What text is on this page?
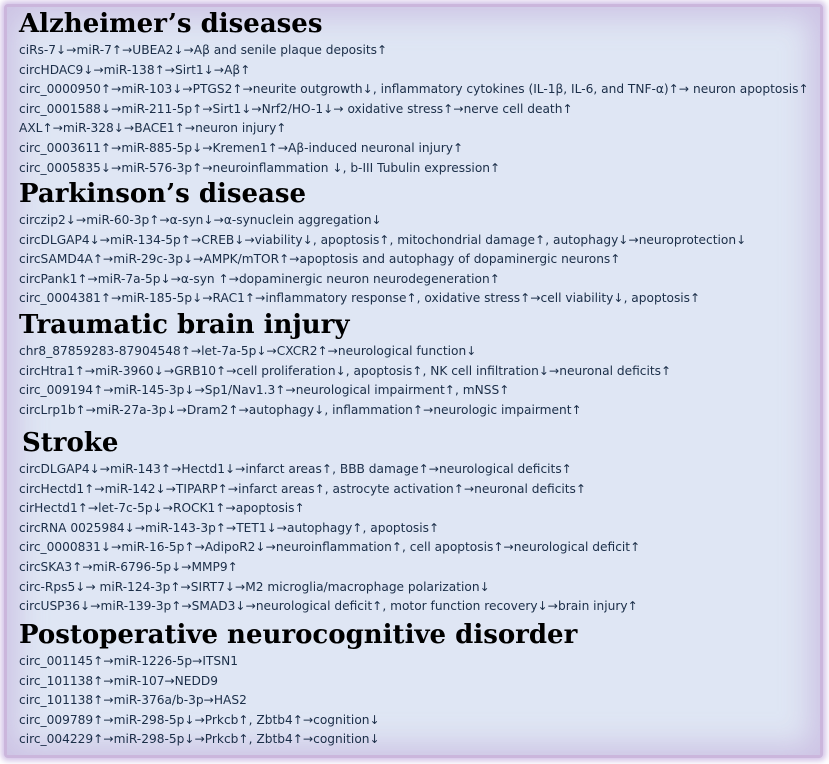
Alzheimer’s diseases
ciRs-7↓→miR-7↑→UBEA2↓→Aβ and senile plaque deposits↑
circHDAC9↓→miR-138↑→Sirt1↓→Aβ↑
circ_0000950↑→miR-103↓→PTGS2↑→neurite outgrowth↓, inflammatory cytokines (IL-1β, IL-6, and TNF-α)↑→ neuron apoptosis↑
circ_0001588↓→miR-211-5p↑→Sirt1↓→Nrf2/HO-1↓→ oxidative stress↑→nerve cell death↑
AXL↑→miR-328↓→BACE1↑→neuron injury↑
circ_0003611↑→miR-885-5p↓→Kremen1↑→Aβ-induced neuronal injury↑
circ_0005835↓→miR-576-3p↑→neuroinflammation ↓, b-III Tubulin expression↑
Parkinson’s disease
circzip2↓→miR-60-3p↑→α-syn↓→α-synuclein aggregation↓
circDLGAP4↓→miR-134-5p↑→CREB↓→viability↓, apoptosis↑, mitochondrial damage↑, autophagy↓→neuroprotection↓
circSAMD4A↑→miR-29c-3p↓→AMPK/mTOR↑→apoptosis and autophagy of dopaminergic neurons↑
circPank1↑→miR-7a-5p↓→α-syn ↑→dopaminergic neuron neurodegeneration↑
circ_0004381↑→miR-185-5p↓→RAC1↑→inflammatory response↑, oxidative stress↑→cell viability↓, apoptosis↑
Traumatic brain injury
chr8_87859283-87904548↑→let-7a-5p↓→CXCR2↑→neurological function↓
circHtra1↑→miR-3960↓→GRB10↑→cell proliferation↓, apoptosis↑, NK cell infiltration↓→neuronal deficits↑
circ_009194↑→miR-145-3p↓→Sp1/Nav1.3↑→neurological impairment↑, mNSS↑
circLrp1b↑→miR-27a-3p↓→Dram2↑→autophagy↓, inflammation↑→neurologic impairment↑
Stroke
circDLGAP4↓→miR-143↑→Hectd1↓→infarct areas↑, BBB damage↑→neurological deficits↑
circHectd1↑→miR-142↓→TIPARP↑→infarct areas↑, astrocyte activation↑→neuronal deficits↑
cirHectd1↑→let-7c-5p↓→ROCK1↑→apoptosis↑
circRNA 0025984↓→miR-143-3p↑→TET1↓→autophagy↑, apoptosis↑
circ_0000831↓→miR-16-5p↑→AdipoR2↓→neuroinflammation↑, cell apoptosis↑→neurological deficit↑
circSKA3↑→miR-6796-5p↓→MMP9↑
circ-Rps5↓→ miR-124-3p↑→SIRT7↓→M2 microglia/macrophage polarization↓
circUSP36↓→miR-139-3p↑→SMAD3↓→neurological deficit↑, motor function recovery↓→brain injury↑
Postoperative neurocognitive disorder
circ_001145↑→miR-1226-5p→ITSN1
circ_101138↑→miR-107→NEDD9
circ_101138↑→miR-376a/b-3p→HAS2
circ_009789↑→miR-298-5p↓→Prkcb↑, Zbtb4↑→cognition↓
circ_004229↑→miR-298-5p↓→Prkcb↑, Zbtb4↑→cognition↓
